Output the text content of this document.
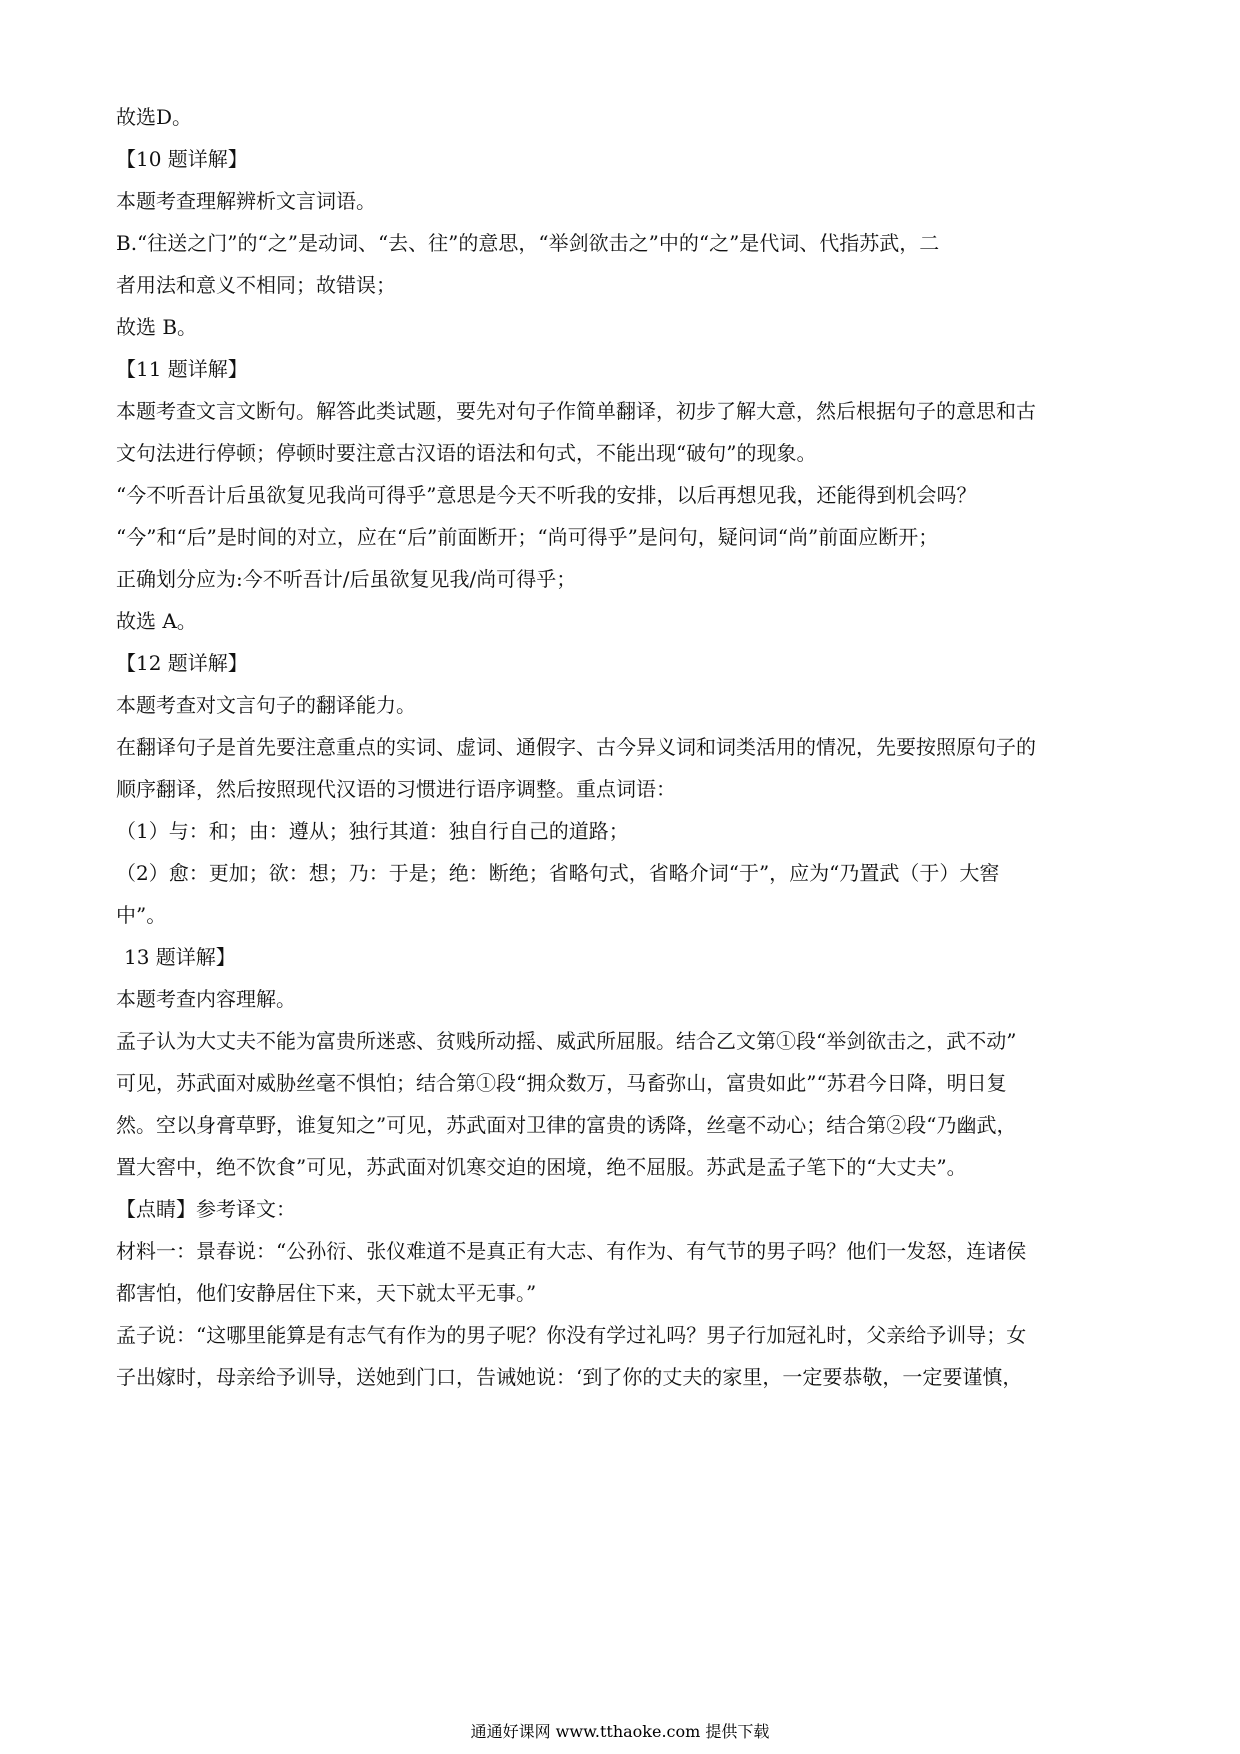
故选D。
【10 题详解】
本题考查理解辨析文言词语。
B.“往送之门”的“之”是动词、“去、往”的意思，“举剑欲击之”中的“之”是代词、代指苏武，二
者用法和意义不相同；故错误；
故选 B。
【11 题详解】
本题考查文言文断句。解答此类试题，要先对句子作简单翻译，初步了解大意，然后根据句子的意思和古
文句法进行停顿；停顿时要注意古汉语的语法和句式，不能出现“破句”的现象。
“今不听吾计后虽欲复见我尚可得乎”意思是今天不听我的安排，以后再想见我，还能得到机会吗？
“今”和“后”是时间的对立，应在“后”前面断开；“尚可得乎”是问句，疑问词“尚”前面应断开；
正确划分应为:今不听吾计/后虽欲复见我/尚可得乎；
故选 A。
【12 题详解】
本题考查对文言句子的翻译能力。
在翻译句子是首先要注意重点的实词、虚词、通假字、古今异义词和词类活用的情况，先要按照原句子的
顺序翻译，然后按照现代汉语的习惯进行语序调整。重点词语：
（1）与：和；由：遵从；独行其道：独自行自己的道路；
（2）愈：更加；欲：想；乃：于是；绝：断绝；省略句式，省略介词“于”，应为“乃置武（于）大窖
中”。
13 题详解】
本题考查内容理解。
孟子认为大丈夫不能为富贵所迷惑、贫贱所动摇、威武所屈服。结合乙文第①段“举剑欲击之，武不动”
可见，苏武面对威胁丝毫不惧怕；结合第①段“拥众数万，马畜弥山，富贵如此”“苏君今日降，明日复
然。空以身膏草野，谁复知之”可见，苏武面对卫律的富贵的诱降，丝毫不动心；结合第②段“乃幽武，
置大窖中，绝不饮食”可见，苏武面对饥寒交迫的困境，绝不屈服。苏武是孟子笔下的“大丈夫”。
【点睛】参考译文：
材料一：景春说：“公孙衍、张仪难道不是真正有大志、有作为、有气节的男子吗？他们一发怒，连诸侯
都害怕，他们安静居住下来，天下就太平无事。”
孟子说：“这哪里能算是有志气有作为的男子呢？你没有学过礼吗？男子行加冠礼时，父亲给予训导；女
子出嫁时，母亲给予训导，送她到门口，告诫她说：‘到了你的丈夫的家里，一定要恭敬，一定要谨慎，
通通好课网 www.tthaoke.com 提供下载
